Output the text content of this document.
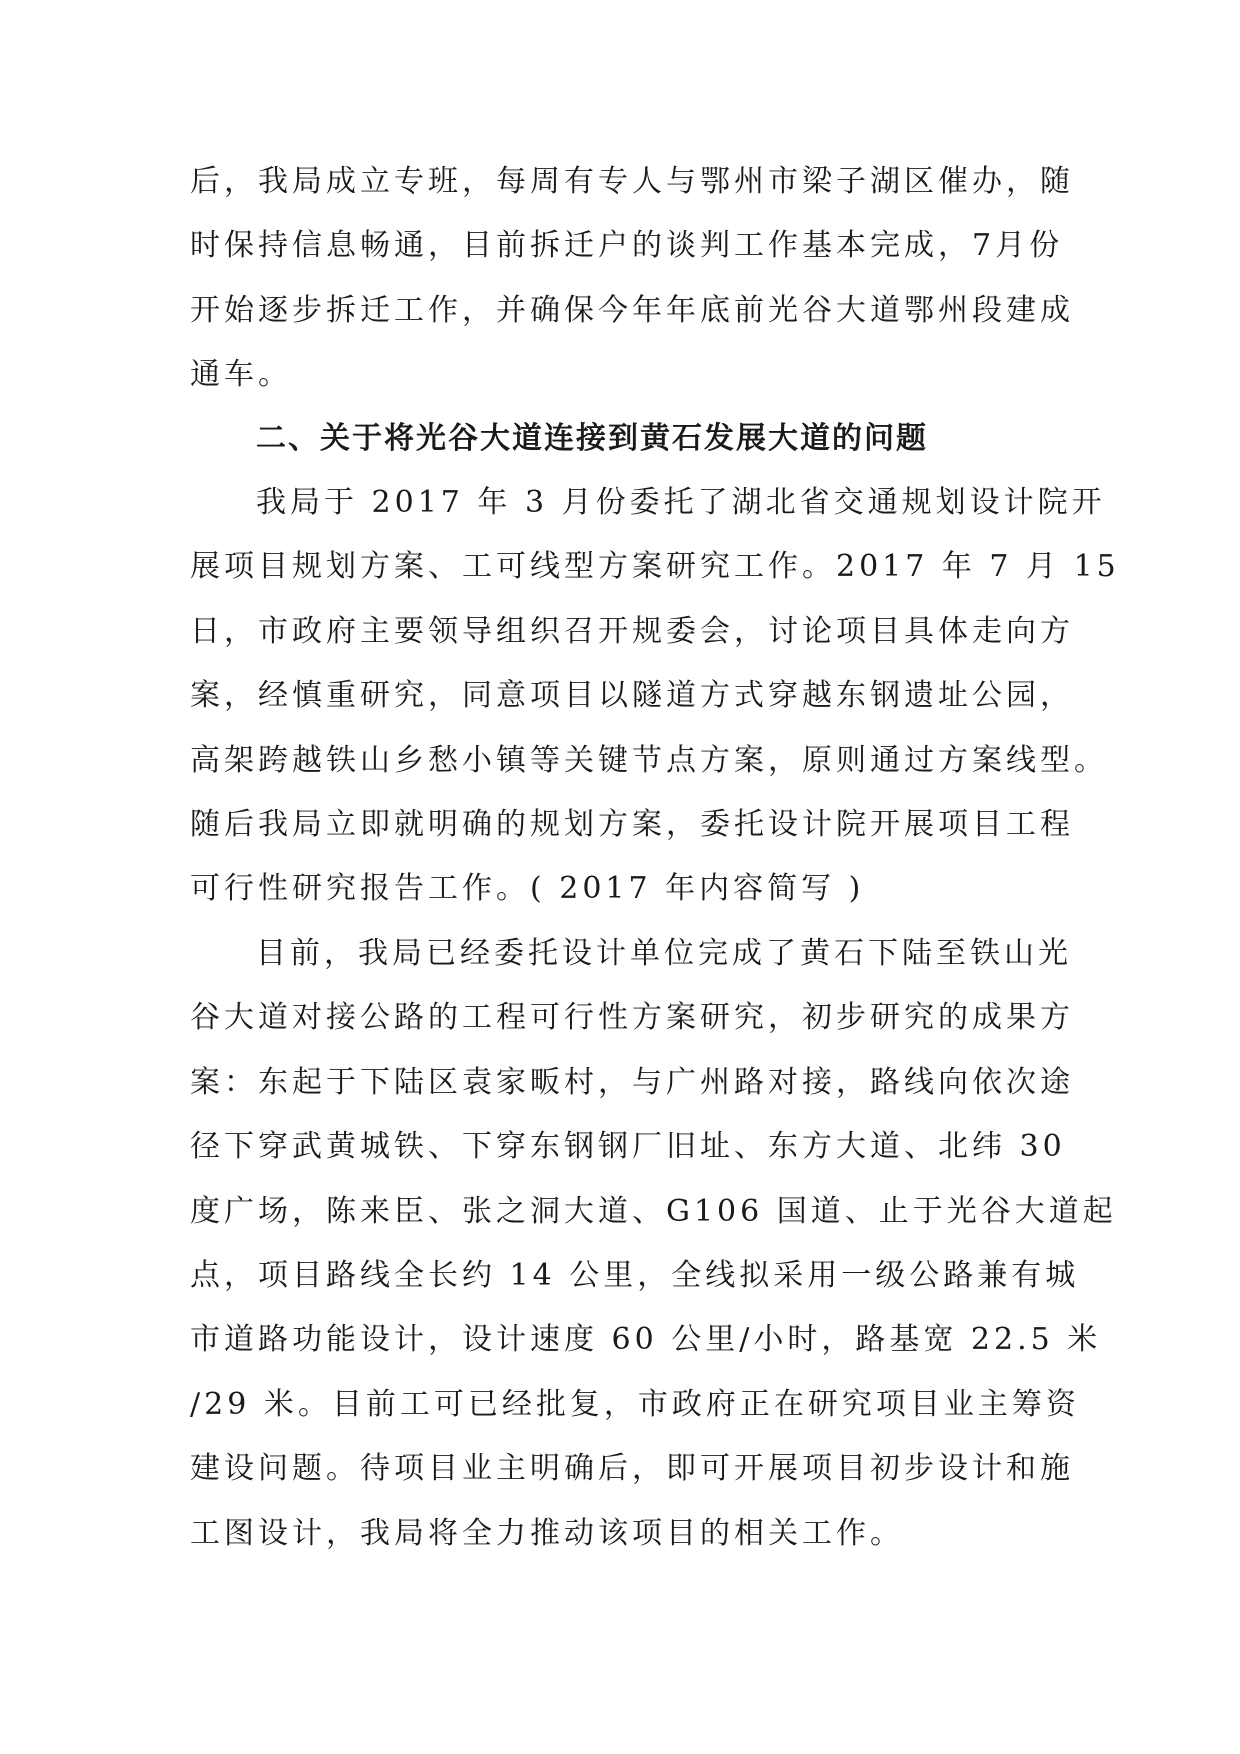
后，我局成立专班，每周有专人与鄂州市梁子湖区催办，随
时保持信息畅通，目前拆迁户的谈判工作基本完成，7月份
开始逐步拆迁工作，并确保今年年底前光谷大道鄂州段建成
通车。
二、关于将光谷大道连接到黄石发展大道的问题
我局于 2017 年 3 月份委托了湖北省交通规划设计院开
展项目规划方案、工可线型方案研究工作。2017 年 7 月 15
日，市政府主要领导组织召开规委会，讨论项目具体走向方
案，经慎重研究，同意项目以隧道方式穿越东钢遗址公园，
高架跨越铁山乡愁小镇等关键节点方案，原则通过方案线型。
随后我局立即就明确的规划方案，委托设计院开展项目工程
可行性研究报告工作。( 2017 年内容简写 )
目前，我局已经委托设计单位完成了黄石下陆至铁山光
谷大道对接公路的工程可行性方案研究，初步研究的成果方
案：东起于下陆区袁家畈村，与广州路对接，路线向依次途
径下穿武黄城铁、下穿东钢钢厂旧址、东方大道、北纬 30
度广场，陈来臣、张之洞大道、G106 国道、止于光谷大道起
点，项目路线全长约 14 公里，全线拟采用一级公路兼有城
市道路功能设计，设计速度 60 公里/小时，路基宽 22.5 米
/29 米。目前工可已经批复，市政府正在研究项目业主筹资
建设问题。待项目业主明确后，即可开展项目初步设计和施
工图设计，我局将全力推动该项目的相关工作。
